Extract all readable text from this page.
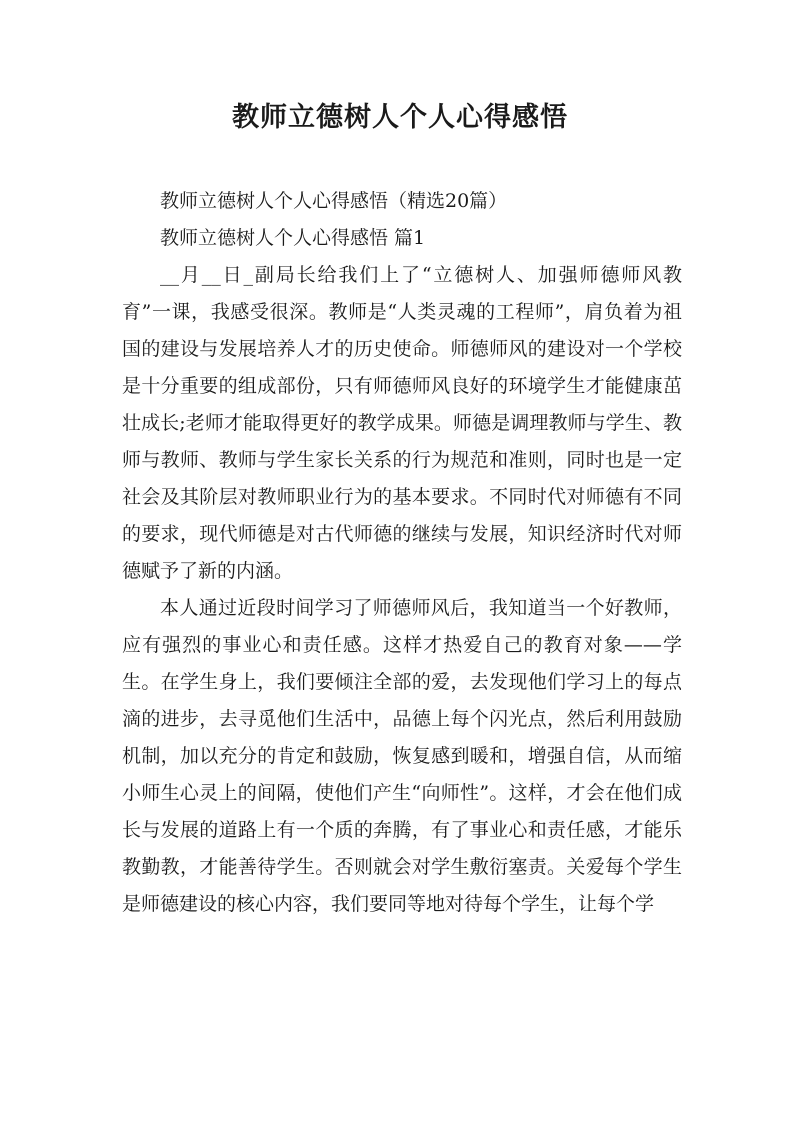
教师立德树人个人心得感悟

教师立德树人个人心得感悟（精选20篇）

教师立德树人个人心得感悟 篇1

__月__日_副局长给我们上了“立德树人、加强师德师风教育”一课，我感受很深。教师是“人类灵魂的工程师”，肩负着为祖国的建设与发展培养人才的历史使命。师德师风的建设对一个学校是十分重要的组成部份，只有师德师风良好的环境学生才能健康茁壮成长;老师才能取得更好的教学成果。师德是调理教师与学生、教师与教师、教师与学生家长关系的行为规范和准则，同时也是一定社会及其阶层对教师职业行为的基本要求。不同时代对师德有不同的要求，现代师德是对古代师德的继续与发展，知识经济时代对师德赋予了新的内涵。

本人通过近段时间学习了师德师风后，我知道当一个好教师，应有强烈的事业心和责任感。这样才热爱自己的教育对象——学生。在学生身上，我们要倾注全部的爱，去发现他们学习上的每点滴的进步，去寻觅他们生活中，品德上每个闪光点，然后利用鼓励机制，加以充分的肯定和鼓励，恢复感到暖和，增强自信，从而缩小师生心灵上的间隔，使他们产生“向师性”。这样，才会在他们成长与发展的道路上有一个质的奔腾，有了事业心和责任感，才能乐教勤教，才能善待学生。否则就会对学生敷衍塞责。关爱每个学生是师德建设的核心内容，我们要同等地对待每个学生，让每个学
